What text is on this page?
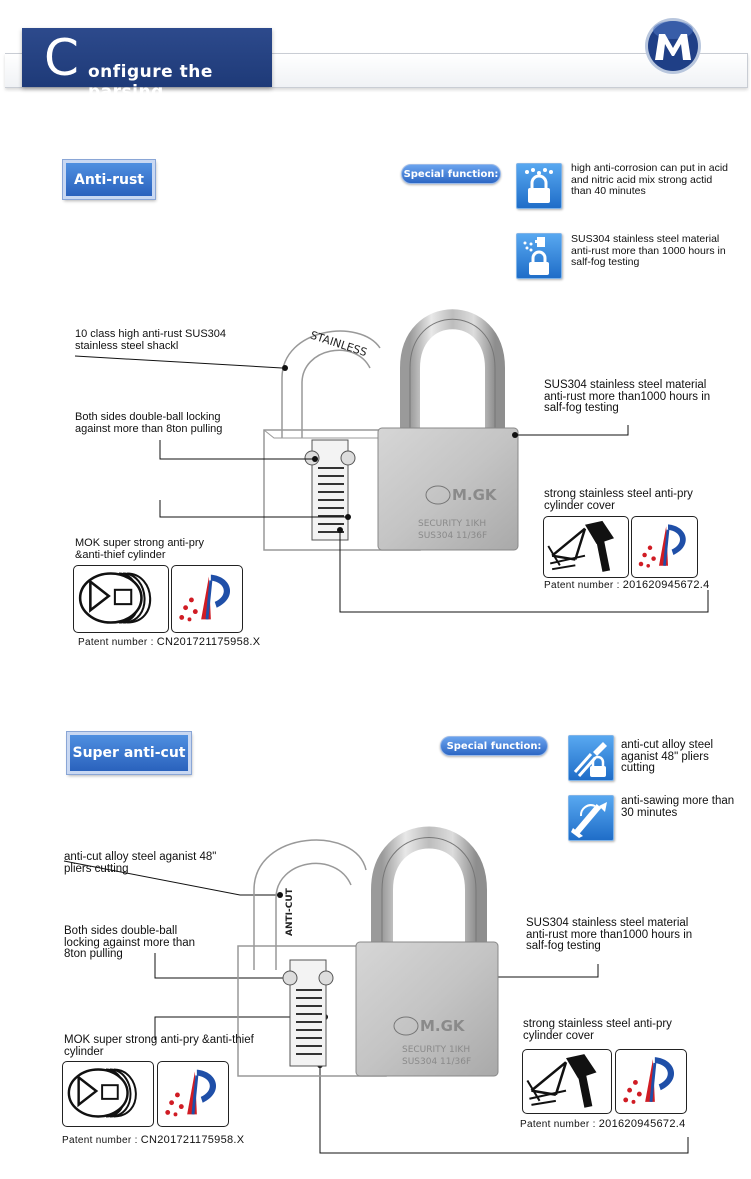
C onfigure the parsing
Anti-rust	Special function:	high anti-corrosion can put in acid and nitric acid mix strong actid than 40 minutes
SUS304 stainless steel material anti-rust more than 1000 hours in salf-fog testing
STAINLESS
M.GK
SECURITY 1IKH
SUS304 11/36F
10 class high anti-rust SUS304 stainless steel shackl
Both sides double-ball locking against more than 8ton pulling
MOK super strong anti-pry &anti-thief cylinder
SUS304 stainless steel material anti-rust more than1000 hours in salf-fog testing
strong stainless steel anti-pry cylinder cover
Patent number : CN201721175958.X
Patent number : 201620945672.4
Super anti-cut	Special function:	anti-cut alloy steel aganist 48" pliers cutting
anti-sawing more than 30 minutes
ANTI-CUT
M.GK
SECURITY 1IKH
SUS304 11/36F
anti-cut alloy steel aganist 48" pliers cutting
Both sides double-ball locking against more than 8ton pulling
MOK super strong anti-pry &anti-thief cylinder
SUS304 stainless steel material anti-rust more than1000 hours in salf-fog testing
strong stainless steel anti-pry cylinder cover
Patent number : CN201721175958.X
Patent number : 201620945672.4
